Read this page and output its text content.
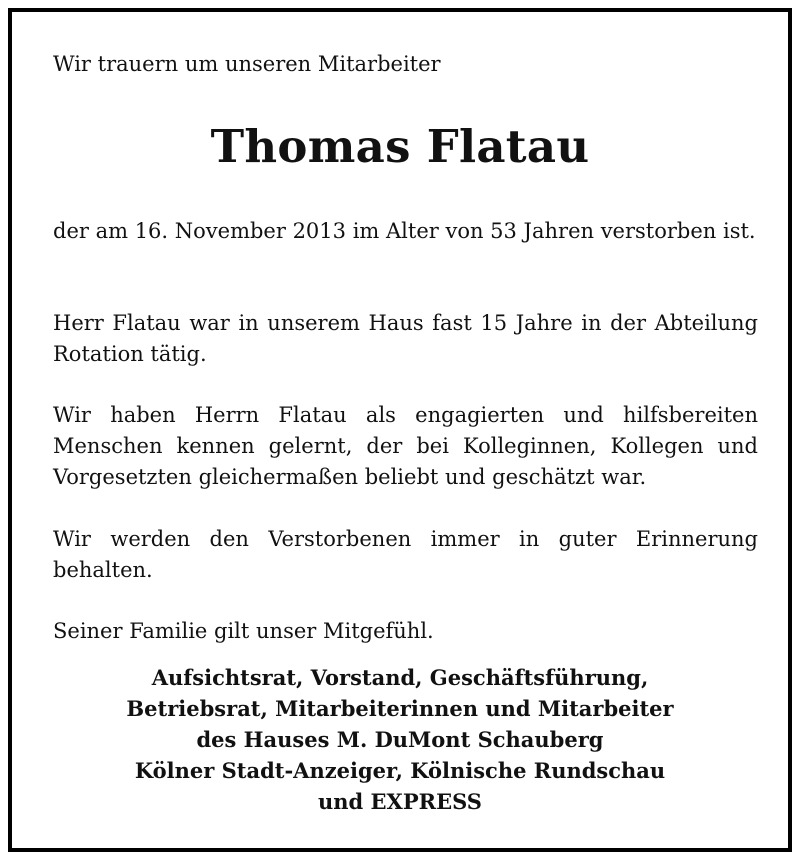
Wir trauern um unseren Mitarbeiter

Thomas Flatau

der am 16. November 2013 im Alter von 53 Jahren verstorben ist.

Herr Flatau war in unserem Haus fast 15 Jahre in der Abteilung Rotation tätig.

Wir haben Herrn Flatau als engagierten und hilfsbereiten Menschen kennen gelernt, der bei Kolleginnen, Kollegen und Vorgesetzten gleichermaßen beliebt und geschätzt war.

Wir werden den Verstorbenen immer in guter Erinnerung behalten.

Seiner Familie gilt unser Mitgefühl.

Aufsichtsrat, Vorstand, Geschäftsführung,
Betriebsrat, Mitarbeiterinnen und Mitarbeiter
des Hauses M. DuMont Schauberg
Kölner Stadt-Anzeiger, Kölnische Rundschau
und EXPRESS
